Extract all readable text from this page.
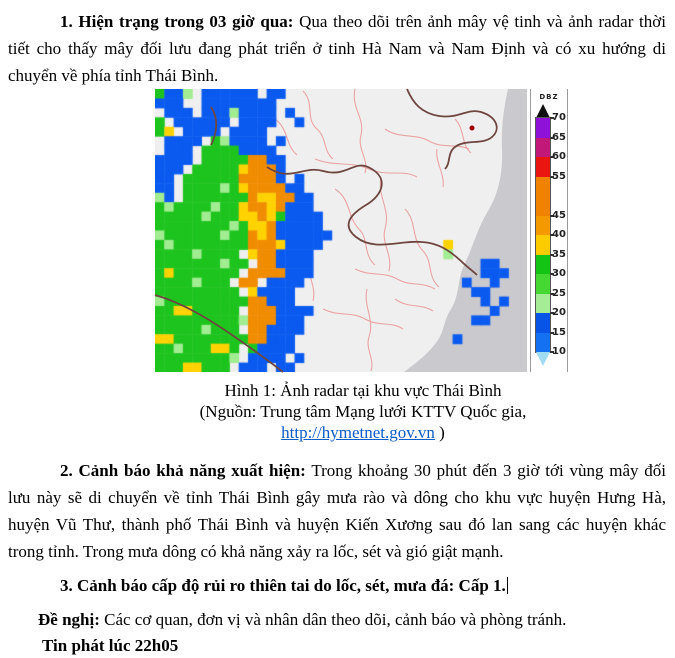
1. Hiện trạng trong 03 giờ qua: Qua theo dõi trên ảnh mây vệ tinh và ảnh radar thời tiết cho thấy mây đối lưu đang phát triển ở tinh Hà Nam và Nam Định và có xu hướng di chuyển về phía tỉnh Thái Bình.

DBZ
70
65
60
55
45
40
35
30
25
20
15
10

Hình 1: Ảnh radar tại khu vực Thái Bình

(Nguồn: Trung tâm Mạng lưới KTTV Quốc gia, http://hymetnet.gov.vn )

2. Cảnh báo khả năng xuất hiện: Trong khoảng 30 phút đến 3 giờ tới vùng mây đối lưu này sẽ di chuyển về tỉnh Thái Bình gây mưa rào và dông cho khu vực huyện Hưng Hà, huyện Vũ Thư, thành phố Thái Bình và huyện Kiến Xương sau đó lan sang các huyện khác trong tỉnh. Trong mưa dông có khả năng xảy ra lốc, sét và gió giật mạnh.

3. Cảnh báo cấp độ rủi ro thiên tai do lốc, sét, mưa đá: Cấp 1.

Đề nghị: Các cơ quan, đơn vị và nhân dân theo dõi, cảnh báo và phòng tránh.

Tin phát lúc 22h05
